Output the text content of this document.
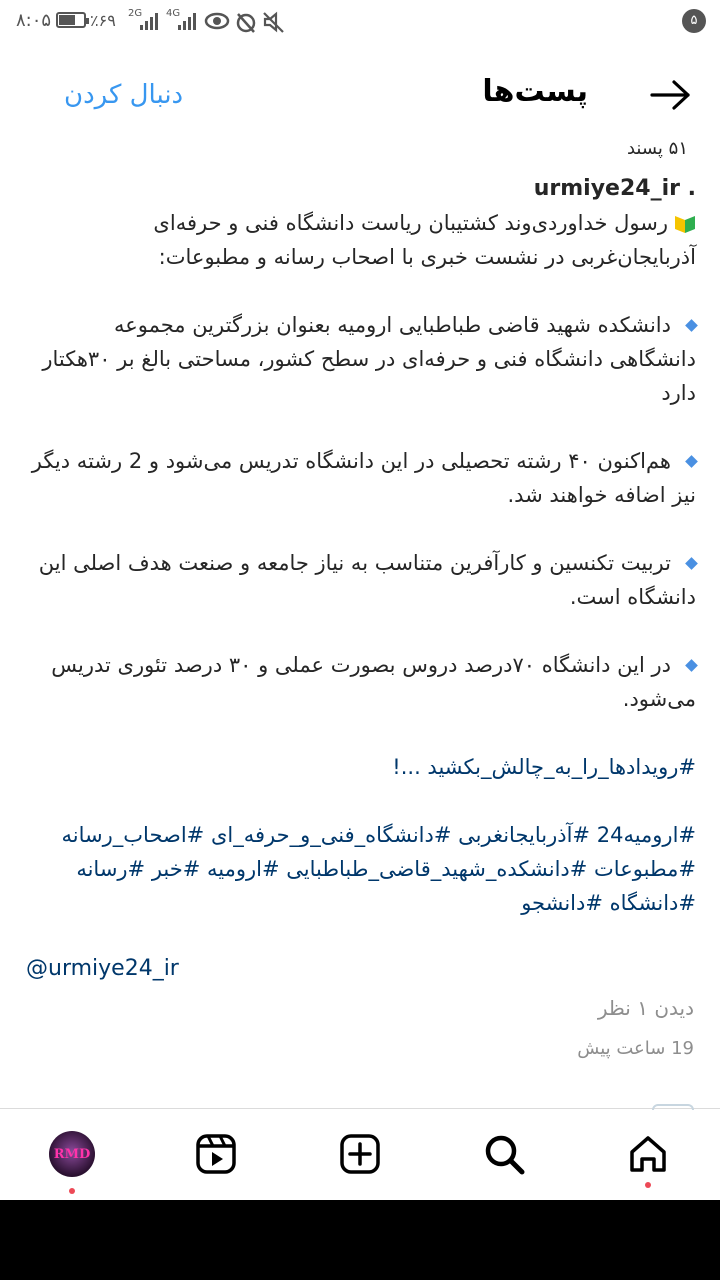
۸:۰۵ ٪۶۹ 2G 4G	۵
پست‌ها
دنبال کردن
۵۱ پسند

urmiye24_ir .

رسول خداوردی‌وند کشتیبان ریاست دانشگاه فنی و حرفه‌ای آذربایجان‌غربی در نشست خبری با اصحاب رسانه و مطبوعات:

دانشکده شهید قاضی طباطبایی ارومیه بعنوان بزرگترین مجموعه دانشگاهی دانشگاه فنی و حرفه‌ای در سطح کشور، مساحتی بالغ بر ۳۰هکتار دارد

هم‌اکنون ۴۰ رشته تحصیلی در این دانشگاه تدریس می‌شود و 2 رشته دیگر نیز اضافه خواهند شد.

تربیت تکنسین و کارآفرین متناسب به نیاز جامعه و صنعت هدف اصلی این دانشگاه است.

در این دانشگاه ۷۰درصد دروس بصورت عملی و ۳۰ درصد تئوری تدریس می‌شود.

#رویدادها_را_به_چالش_بکشید ...!

#ارومیه24 #آذربایجانغربی #دانشگاه_فنی_و_حرفه_ای #اصحاب_رسانه #مطبوعات #دانشکده_شهید_قاضی_طباطبایی #ارومیه #خبر #رسانه #دانشگاه #دانشجو

@urmiye24_ir
دیدن ۱ نظر
19 ساعت پیش
RMD
